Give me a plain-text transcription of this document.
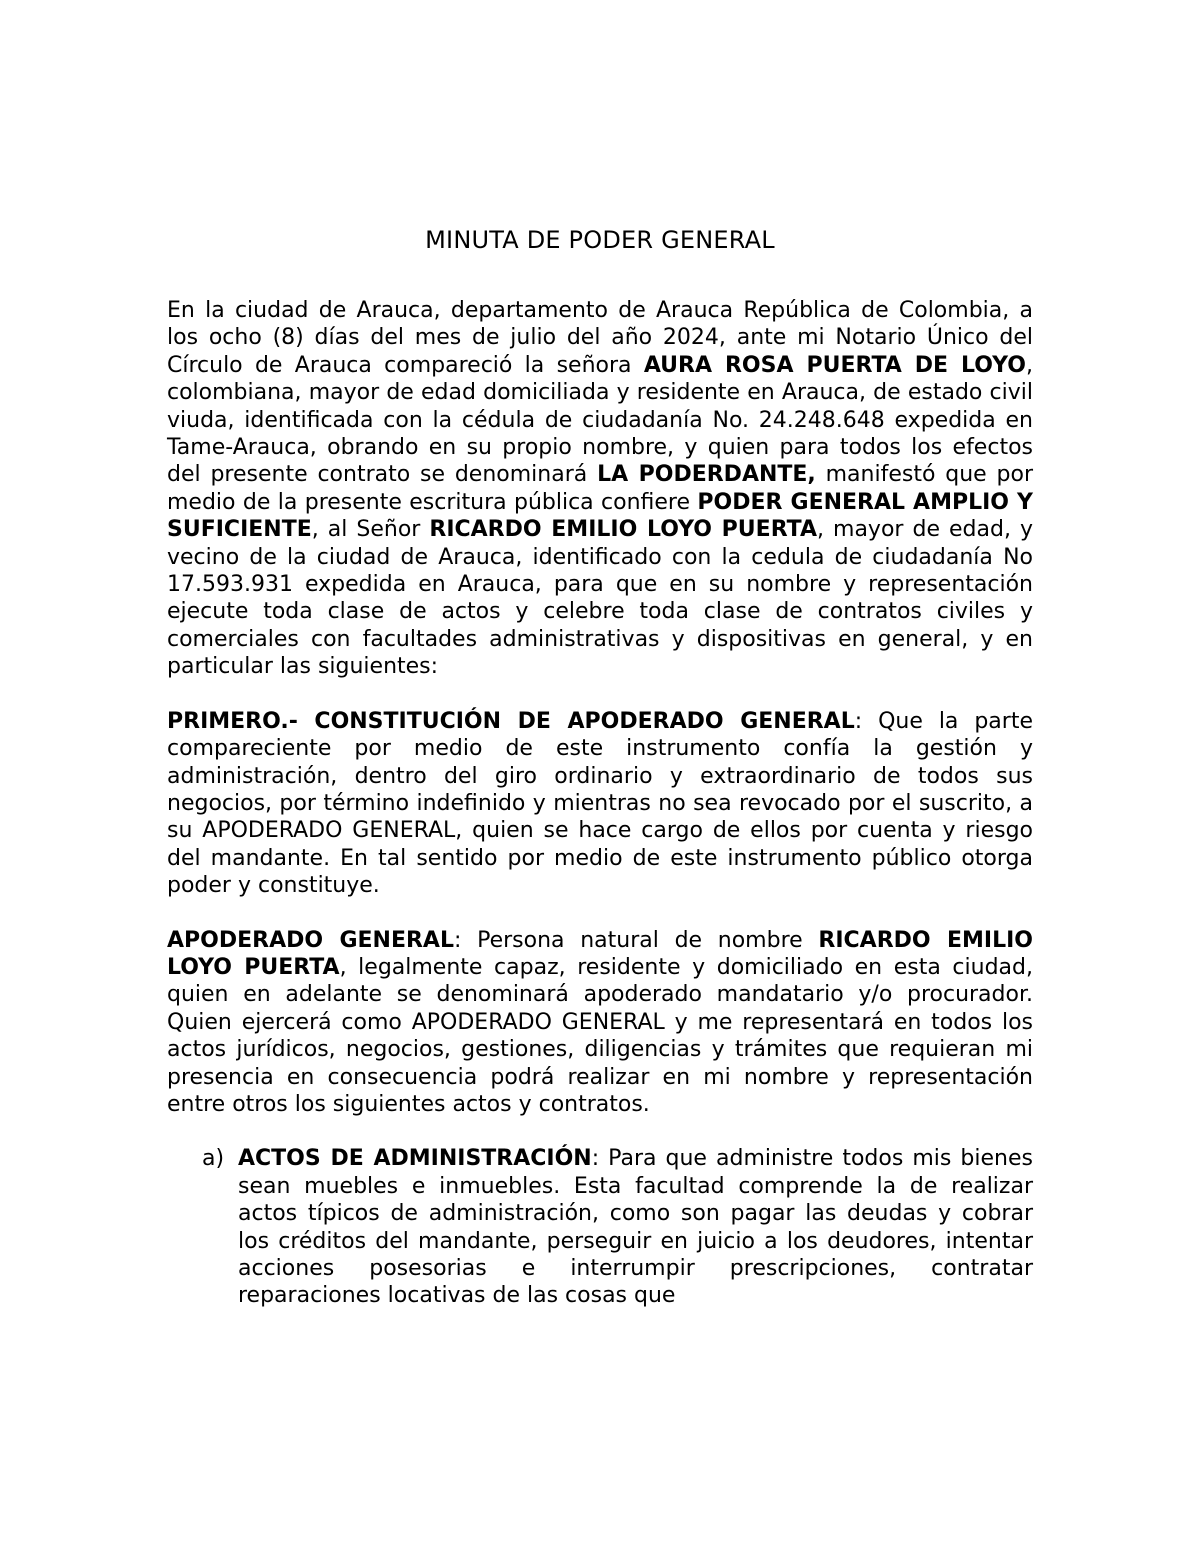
MINUTA DE PODER GENERAL

En la ciudad de Arauca, departamento de Arauca República de Colombia, a los ocho (8) días del mes de julio del año 2024, ante mi Notario Único del Círculo de Arauca compareció la señora AURA ROSA PUERTA DE LOYO, colombiana, mayor de edad domiciliada y residente en Arauca, de estado civil viuda, identificada con la cédula de ciudadanía No. 24.248.648 expedida en Tame-Arauca, obrando en su propio nombre, y quien para todos los efectos del presente contrato se denominará LA PODERDANTE, manifestó que por medio de la presente escritura pública confiere PODER GENERAL AMPLIO Y SUFICIENTE, al Señor RICARDO EMILIO LOYO PUERTA, mayor de edad, y vecino de la ciudad de Arauca, identificado con la cedula de ciudadanía No 17.593.931 expedida en Arauca, para que en su nombre y representación ejecute toda clase de actos y celebre toda clase de contratos civiles y comerciales con facultades administrativas y dispositivas en general, y en particular las siguientes:

PRIMERO.- CONSTITUCIÓN DE APODERADO GENERAL: Que la parte compareciente por medio de este instrumento confía la gestión y administración, dentro del giro ordinario y extraordinario de todos sus negocios, por término indefinido y mientras no sea revocado por el suscrito, a su APODERADO GENERAL, quien se hace cargo de ellos por cuenta y riesgo del mandante. En tal sentido por medio de este instrumento público otorga poder y constituye.

APODERADO GENERAL: Persona natural de nombre RICARDO EMILIO LOYO PUERTA, legalmente capaz, residente y domiciliado en esta ciudad, quien en adelante se denominará apoderado mandatario y/o procurador. Quien ejercerá como APODERADO GENERAL y me representará en todos los actos jurídicos, negocios, gestiones, diligencias y trámites que requieran mi presencia en consecuencia podrá realizar en mi nombre y representación entre otros los siguientes actos y contratos.

a) ACTOS DE ADMINISTRACIÓN: Para que administre todos mis bienes sean muebles e inmuebles. Esta facultad comprende la de realizar actos típicos de administración, como son pagar las deudas y cobrar los créditos del mandante, perseguir en juicio a los deudores, intentar acciones posesorias e interrumpir prescripciones, contratar reparaciones locativas de las cosas que
